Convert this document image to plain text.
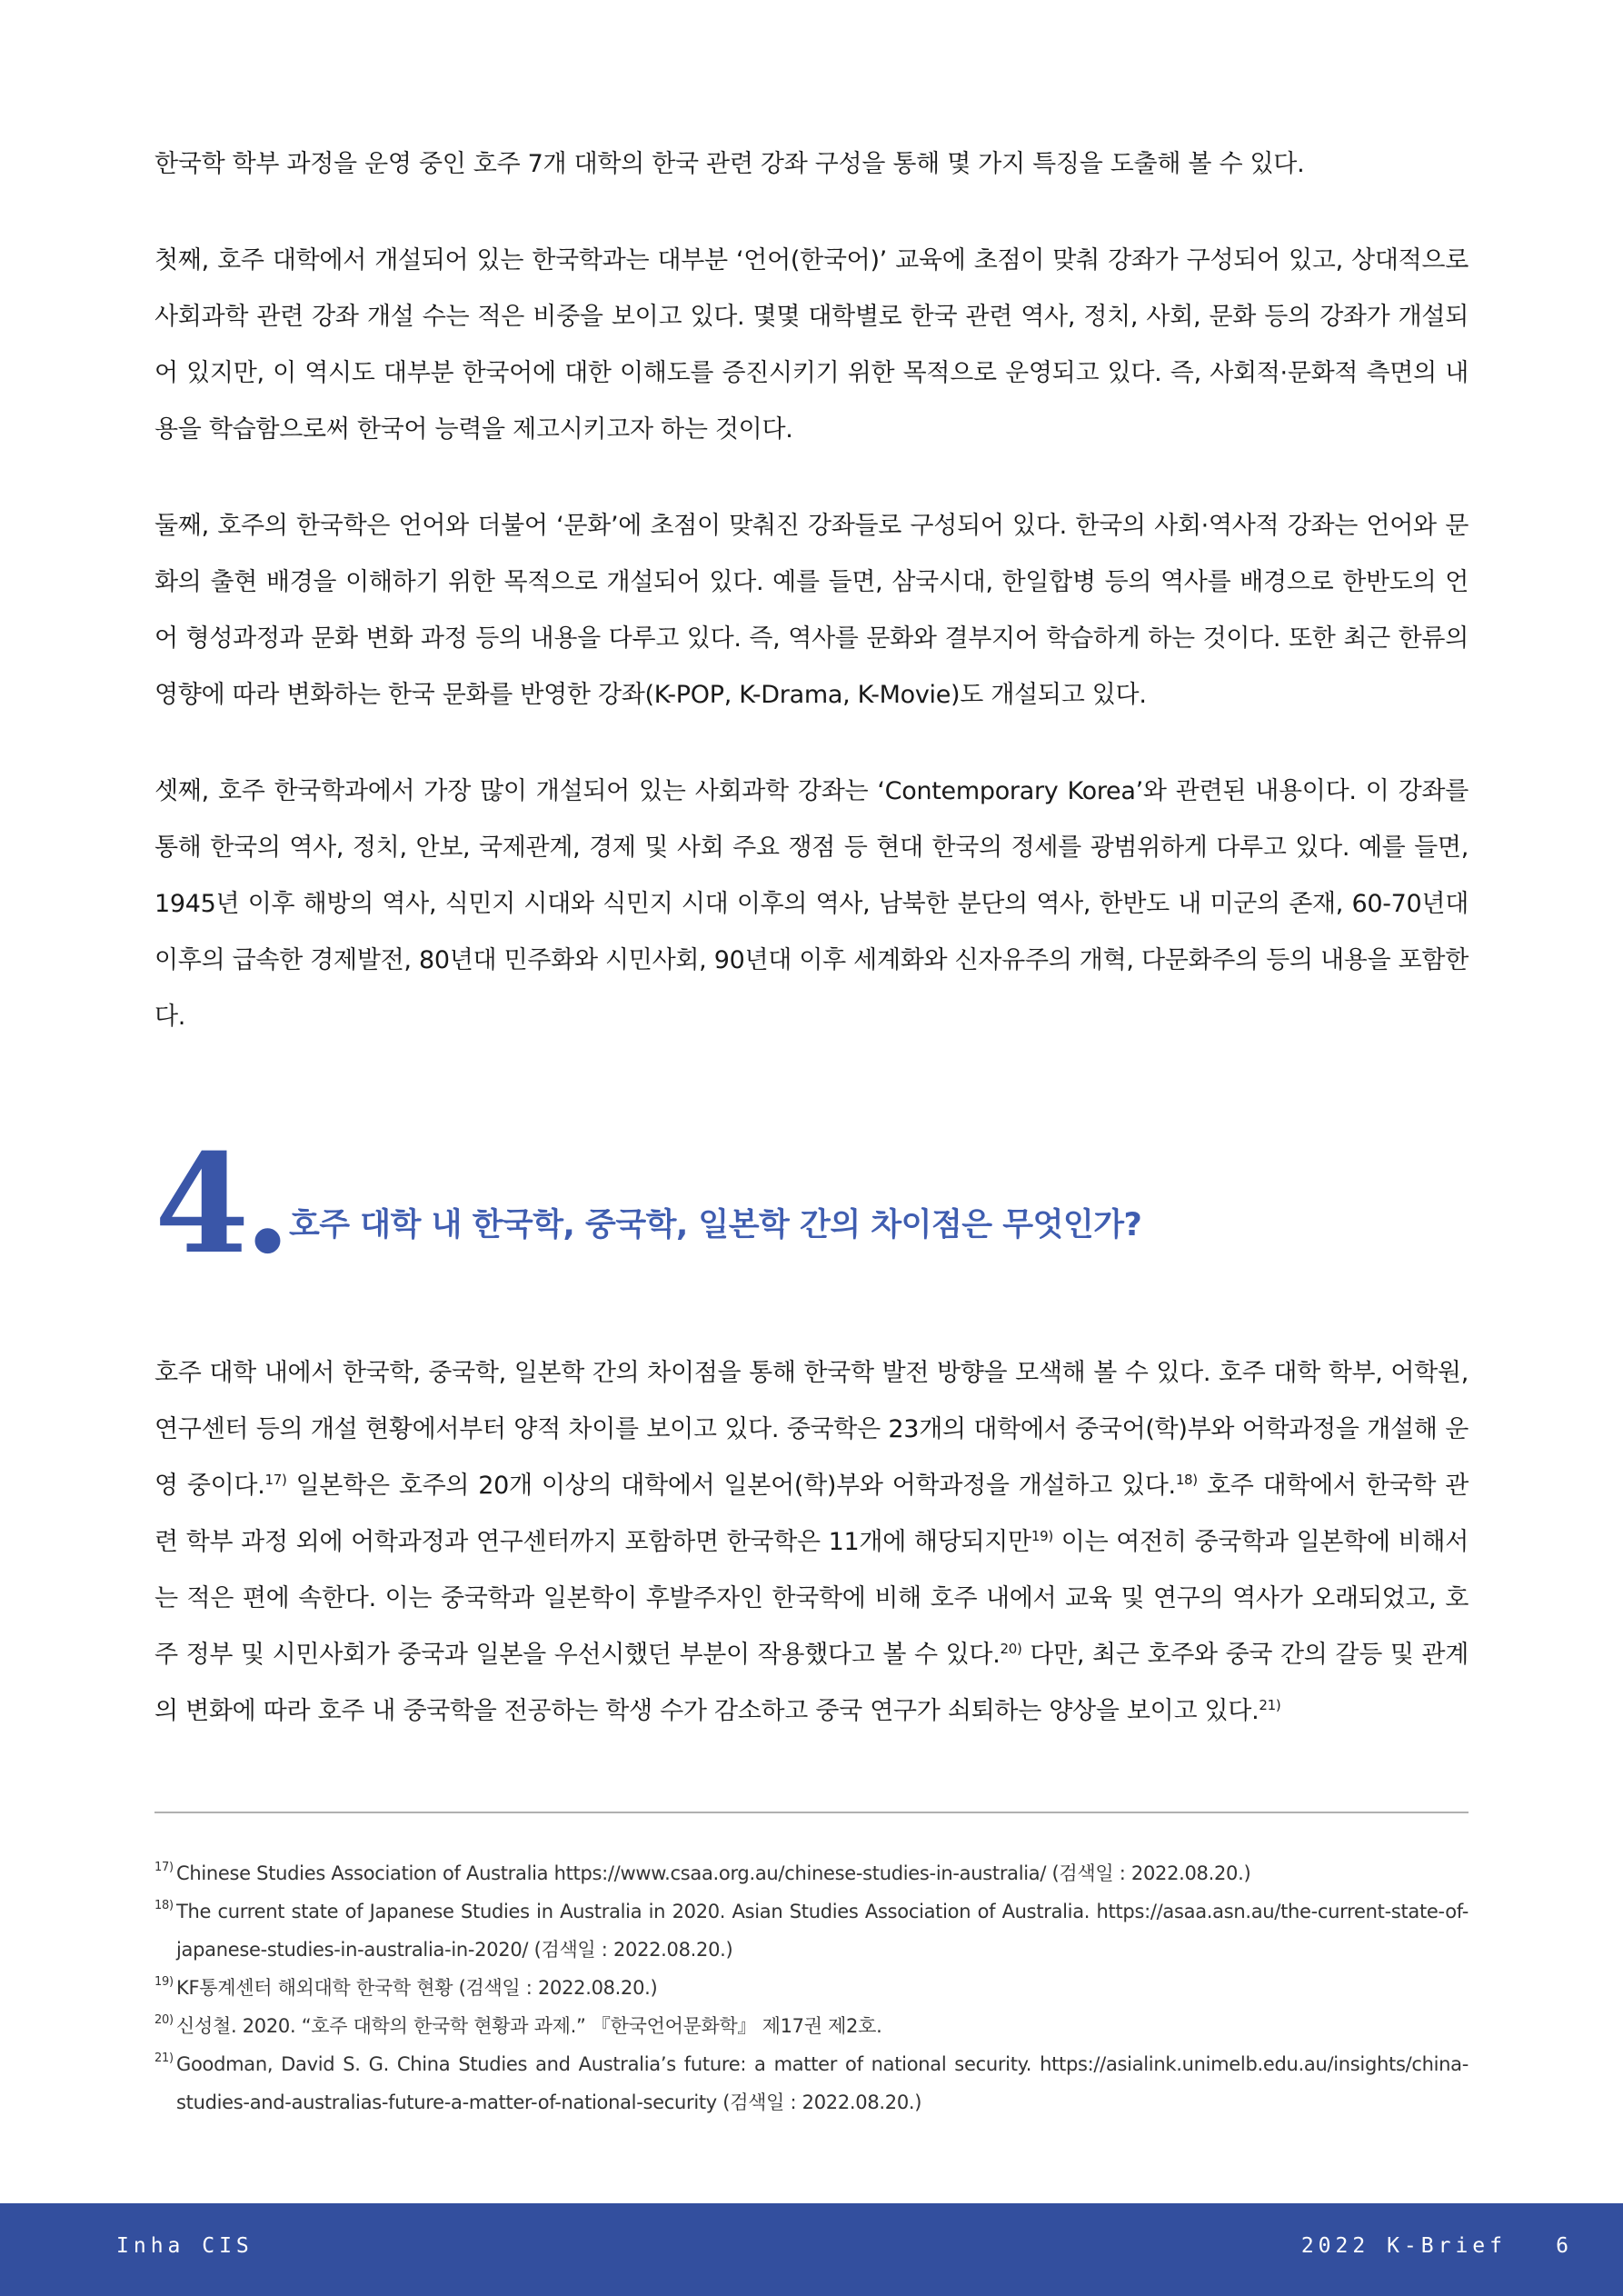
한국학 학부 과정을 운영 중인 호주 7개 대학의 한국 관련 강좌 구성을 통해 몇 가지 특징을 도출해 볼 수 있다.

첫째, 호주 대학에서 개설되어 있는 한국학과는 대부분 ‘언어(한국어)’ 교육에 초점이 맞춰 강좌가 구성되어 있고, 상대적으로 사회과학 관련 강좌 개설 수는 적은 비중을 보이고 있다. 몇몇 대학별로 한국 관련 역사, 정치, 사회, 문화 등의 강좌가 개설되어 있지만, 이 역시도 대부분 한국어에 대한 이해도를 증진시키기 위한 목적으로 운영되고 있다. 즉, 사회적·문화적 측면의 내용을 학습함으로써 한국어 능력을 제고시키고자 하는 것이다.

둘째, 호주의 한국학은 언어와 더불어 ‘문화’에 초점이 맞춰진 강좌들로 구성되어 있다. 한국의 사회·역사적 강좌는 언어와 문화의 출현 배경을 이해하기 위한 목적으로 개설되어 있다. 예를 들면, 삼국시대, 한일합병 등의 역사를 배경으로 한반도의 언어 형성과정과 문화 변화 과정 등의 내용을 다루고 있다. 즉, 역사를 문화와 결부지어 학습하게 하는 것이다. 또한 최근 한류의 영향에 따라 변화하는 한국 문화를 반영한 강좌(K-POP, K-Drama, K-Movie)도 개설되고 있다.

셋째, 호주 한국학과에서 가장 많이 개설되어 있는 사회과학 강좌는 ‘Contemporary Korea’와 관련된 내용이다. 이 강좌를 통해 한국의 역사, 정치, 안보, 국제관계, 경제 및 사회 주요 쟁점 등 현대 한국의 정세를 광범위하게 다루고 있다. 예를 들면, 1945년 이후 해방의 역사, 식민지 시대와 식민지 시대 이후의 역사, 남북한 분단의 역사, 한반도 내 미군의 존재, 60-70년대 이후의 급속한 경제발전, 80년대 민주화와 시민사회, 90년대 이후 세계화와 신자유주의 개혁, 다문화주의 등의 내용을 포함한다.

4. 호주 대학 내 한국학, 중국학, 일본학 간의 차이점은 무엇인가?

호주 대학 내에서 한국학, 중국학, 일본학 간의 차이점을 통해 한국학 발전 방향을 모색해 볼 수 있다. 호주 대학 학부, 어학원, 연구센터 등의 개설 현황에서부터 양적 차이를 보이고 있다. 중국학은 23개의 대학에서 중국어(학)부와 어학과정을 개설해 운영 중이다.$^{17)}$ 일본학은 호주의 20개 이상의 대학에서 일본어(학)부와 어학과정을 개설하고 있다.$^{18)}$ 호주 대학에서 한국학 관련 학부 과정 외에 어학과정과 연구센터까지 포함하면 한국학은 11개에 해당되지만$^{19)}$ 이는 여전히 중국학과 일본학에 비해서는 적은 편에 속한다. 이는 중국학과 일본학이 후발주자인 한국학에 비해 호주 내에서 교육 및 연구의 역사가 오래되었고, 호주 정부 및 시민사회가 중국과 일본을 우선시했던 부분이 작용했다고 볼 수 있다.$^{20)}$ 다만, 최근 호주와 중국 간의 갈등 및 관계의 변화에 따라 호주 내 중국학을 전공하는 학생 수가 감소하고 중국 연구가 쇠퇴하는 양상을 보이고 있다.$^{21)}$

17) Chinese Studies Association of Australia https://www.csaa.org.au/chinese-studies-in-australia/ (검색일 : 2022.08.20.)
18) The current state of Japanese Studies in Australia in 2020. Asian Studies Association of Australia. https://asaa.asn.au/the-current-state-of-japanese-studies-in-australia-in-2020/ (검색일 : 2022.08.20.)
19) KF통계센터 해외대학 한국학 현황 (검색일 : 2022.08.20.)
20) 신성철. 2020. “호주 대학의 한국학 현황과 과제.” 『한국언어문화학』 제17권 제2호.
21) Goodman, David S. G. China Studies and Australia’s future: a matter of national security. https://asialink.unimelb.edu.au/insights/china-studies-and-australias-future-a-matter-of-national-security (검색일 : 2022.08.20.)
Inha CIS	2022 K-Brief 6
